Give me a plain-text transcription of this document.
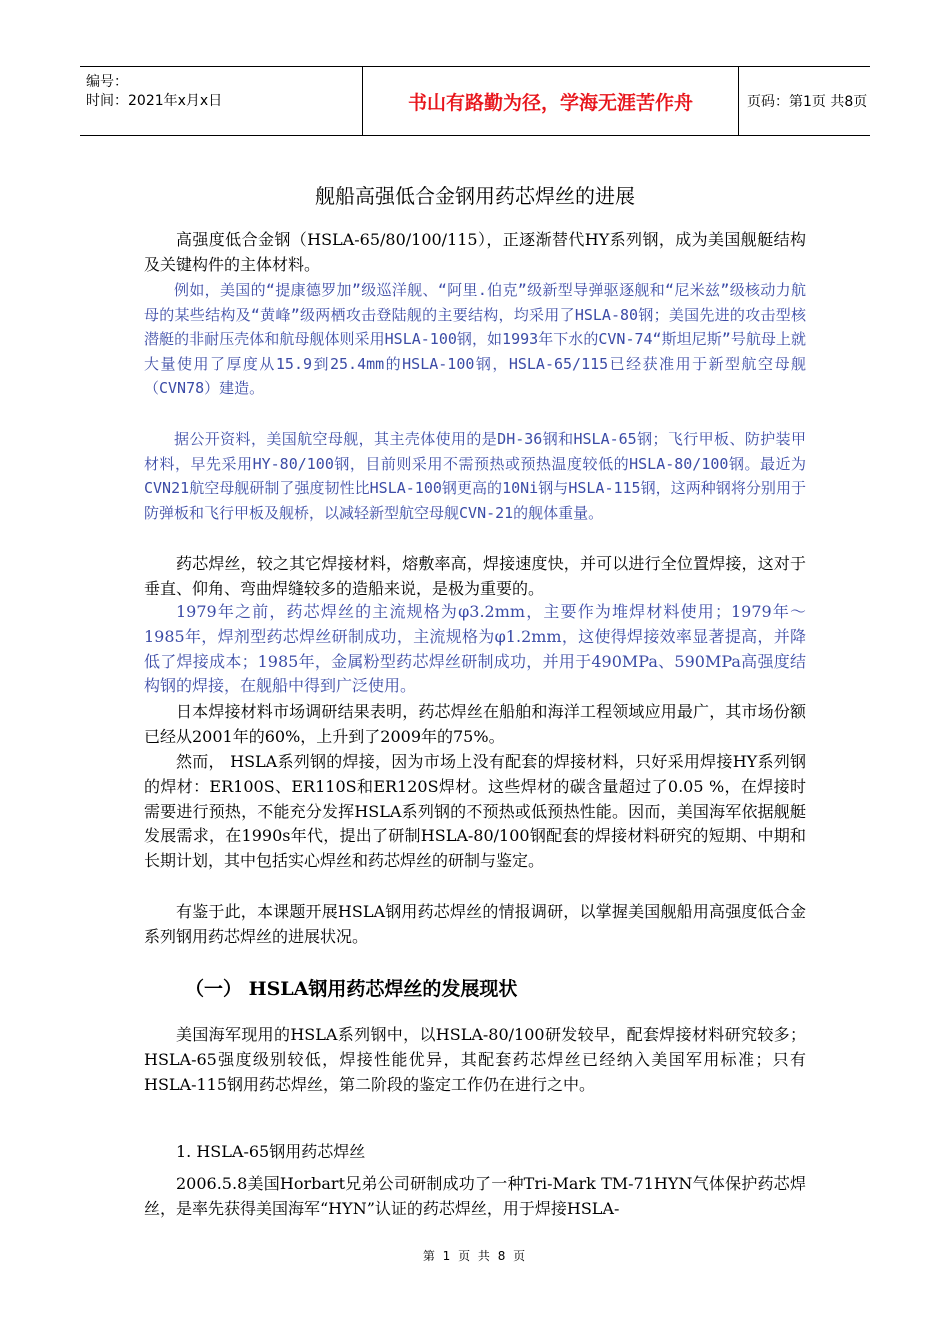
编号：
时间：2021年x月x日	书山有路勤为径，学海无涯苦作舟	页码：第1页 共8页
舰船高强低合金钢用药芯焊丝的进展

高强度低合金钢（HSLA-65/80/100/115），正逐渐替代HY系列钢，成为美国舰艇结构及关键构件的主体材料。

例如，美国的“提康德罗加”级巡洋舰、“阿里.伯克”级新型导弹驱逐舰和“尼米兹”级核动力航母的某些结构及“黄峰”级两栖攻击登陆舰的主要结构，均采用了HSLA-80钢；美国先进的攻击型核潜艇的非耐压壳体和航母舰体则采用HSLA-100钢，如1993年下水的CVN-74“斯坦尼斯”号航母上就大量使用了厚度从15.9到25.4mm的HSLA-100钢，HSLA-65/115已经获准用于新型航空母舰（CVN78）建造。

据公开资料，美国航空母舰，其主壳体使用的是DH-36钢和HSLA-65钢；飞行甲板、防护装甲材料，早先采用HY-80/100钢，目前则采用不需预热或预热温度较低的HSLA-80/100钢。最近为CVN21航空母舰研制了强度韧性比HSLA-100钢更高的10Ni钢与HSLA-115钢，这两种钢将分别用于防弹板和飞行甲板及舰桥，以减轻新型航空母舰CVN-21的舰体重量。

药芯焊丝，较之其它焊接材料，熔敷率高，焊接速度快，并可以进行全位置焊接，这对于垂直、仰角、弯曲焊缝较多的造船来说，是极为重要的。

1979年之前，药芯焊丝的主流规格为φ3.2mm，主要作为堆焊材料使用；1979年～1985年，焊剂型药芯焊丝研制成功，主流规格为φ1.2mm，这使得焊接效率显著提高，并降低了焊接成本；1985年，金属粉型药芯焊丝研制成功，并用于490MPa、590MPa高强度结构钢的焊接，在舰船中得到广泛使用。

日本焊接材料市场调研结果表明，药芯焊丝在船舶和海洋工程领域应用最广，其市场份额已经从2001年的60%，上升到了2009年的75%。

然而， HSLA系列钢的焊接，因为市场上没有配套的焊接材料，只好采用焊接HY系列钢的焊材：ER100S、ER110S和ER120S焊材。这些焊材的碳含量超过了0.05 %，在焊接时需要进行预热，不能充分发挥HSLA系列钢的不预热或低预热性能。因而，美国海军依据舰艇发展需求，在1990s年代，提出了研制HSLA-80/100钢配套的焊接材料研究的短期、中期和长期计划，其中包括实心焊丝和药芯焊丝的研制与鉴定。

有鉴于此，本课题开展HSLA钢用药芯焊丝的情报调研，以掌握美国舰船用高强度低合金系列钢用药芯焊丝的进展状况。

（一） HSLA钢用药芯焊丝的发展现状

美国海军现用的HSLA系列钢中，以HSLA-80/100研发较早，配套焊接材料研究较多；HSLA-65强度级别较低，焊接性能优异，其配套药芯焊丝已经纳入美国军用标准；只有HSLA-115钢用药芯焊丝，第二阶段的鉴定工作仍在进行之中。

1. HSLA-65钢用药芯焊丝

2006.5.8美国Horbart兄弟公司研制成功了一种Tri-Mark TM-71HYN气体保护药芯焊丝，是率先获得美国海军“HYN”认证的药芯焊丝，用于焊接HSLA-

第 1 页 共 8 页
